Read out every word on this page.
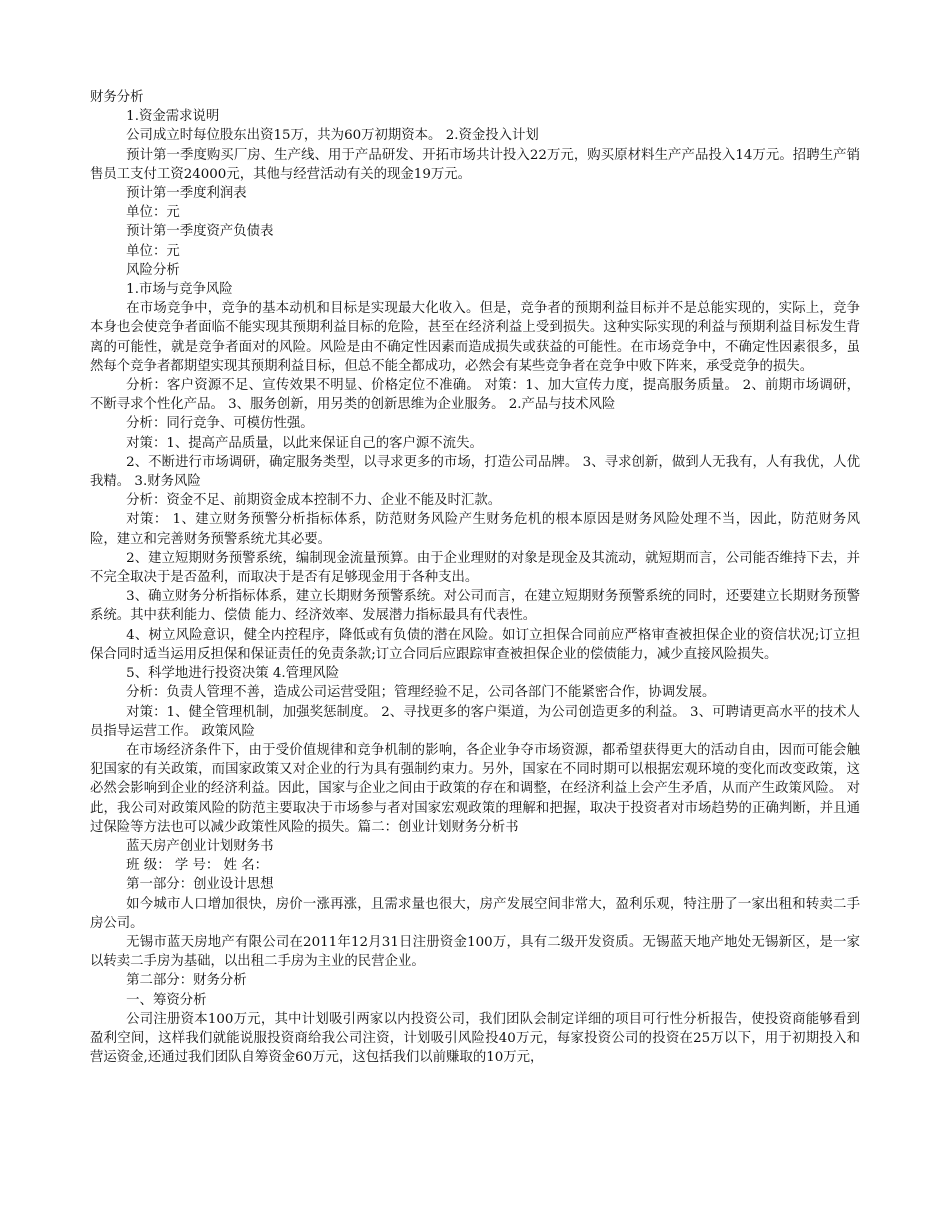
财务分析

1.资金需求说明

公司成立时每位股东出资15万，共为60万初期资本。 2.资金投入计划

预计第一季度购买厂房、生产线、用于产品研发、开拓市场共计投入22万元，购买原材料生产产品投入14万元。招聘生产销售员工支付工资24000元，其他与经营活动有关的现金19万元。

预计第一季度利润表

单位：元

预计第一季度资产负债表

单位：元

风险分析

1.市场与竞争风险

在市场竞争中，竞争的基本动机和目标是实现最大化收入。但是，竞争者的预期利益目标并不是总能实现的，实际上，竞争本身也会使竞争者面临不能实现其预期利益目标的危险，甚至在经济利益上受到损失。这种实际实现的利益与预期利益目标发生背离的可能性，就是竞争者面对的风险。风险是由不确定性因素而造成损失或获益的可能性。在市场竞争中，不确定性因素很多，虽然每个竞争者都期望实现其预期利益目标，但总不能全都成功，必然会有某些竞争者在竞争中败下阵来，承受竞争的损失。

分析：客户资源不足、宣传效果不明显、价格定位不准确。 对策：1、加大宣传力度，提高服务质量。 2、前期市场调研，不断寻求个性化产品。 3、服务创新，用另类的创新思维为企业服务。 2.产品与技术风险

分析：同行竞争、可模仿性强。

对策：1、提高产品质量，以此来保证自己的客户源不流失。

2、不断进行市场调研，确定服务类型，以寻求更多的市场，打造公司品牌。 3、寻求创新，做到人无我有，人有我优，人优我精。 3.财务风险

分析：资金不足、前期资金成本控制不力、企业不能及时汇款。

对策： 1、建立财务预警分析指标体系，防范财务风险产生财务危机的根本原因是财务风险处理不当，因此，防范财务风险，建立和完善财务预警系统尤其必要。

2、建立短期财务预警系统，编制现金流量预算。由于企业理财的对象是现金及其流动，就短期而言，公司能否维持下去，并不完全取决于是否盈利，而取决于是否有足够现金用于各种支出。

3、确立财务分析指标体系，建立长期财务预警系统。对公司而言，在建立短期财务预警系统的同时，还要建立长期财务预警系统。其中获利能力、偿债 能力、经济效率、发展潜力指标最具有代表性。

4、树立风险意识，健全内控程序，降低或有负债的潜在风险。如订立担保合同前应严格审查被担保企业的资信状况;订立担保合同时适当运用反担保和保证责任的免责条款;订立合同后应跟踪审查被担保企业的偿债能力，减少直接风险损失。

5、科学地进行投资决策 4.管理风险

分析：负责人管理不善，造成公司运营受阻；管理经验不足，公司各部门不能紧密合作，协调发展。

对策：1、健全管理机制，加强奖惩制度。 2、寻找更多的客户渠道，为公司创造更多的利益。 3、可聘请更高水平的技术人员指导运营工作。 政策风险

在市场经济条件下，由于受价值规律和竞争机制的影响，各企业争夺市场资源，都希望获得更大的活动自由，因而可能会触犯国家的有关政策，而国家政策又对企业的行为具有强制约束力。另外，国家在不同时期可以根据宏观环境的变化而改变政策，这必然会影响到企业的经济利益。因此，国家与企业之间由于政策的存在和调整，在经济利益上会产生矛盾，从而产生政策风险。 对此，我公司对政策风险的防范主要取决于市场参与者对国家宏观政策的理解和把握，取决于投资者对市场趋势的正确判断，并且通过保险等方法也可以减少政策性风险的损失。篇二：创业计划财务分析书

蓝天房产创业计划财务书

班 级： 学 号： 姓 名：

第一部分：创业设计思想

如今城市人口增加很快，房价一涨再涨，且需求量也很大，房产发展空间非常大，盈利乐观，特注册了一家出租和转卖二手房公司。

无锡市蓝天房地产有限公司在2011年12月31日注册资金100万，具有二级开发资质。无锡蓝天地产地处无锡新区，是一家以转卖二手房为基础，以出租二手房为主业的民营企业。

第二部分：财务分析

一、筹资分析

公司注册资本100万元，其中计划吸引两家以内投资公司，我们团队会制定详细的项目可行性分析报告，使投资商能够看到盈利空间，这样我们就能说服投资商给我公司注资，计划吸引风险投40万元，每家投资公司的投资在25万以下，用于初期投入和营运资金,还通过我们团队自筹资金60万元，这包括我们以前赚取的10万元，
